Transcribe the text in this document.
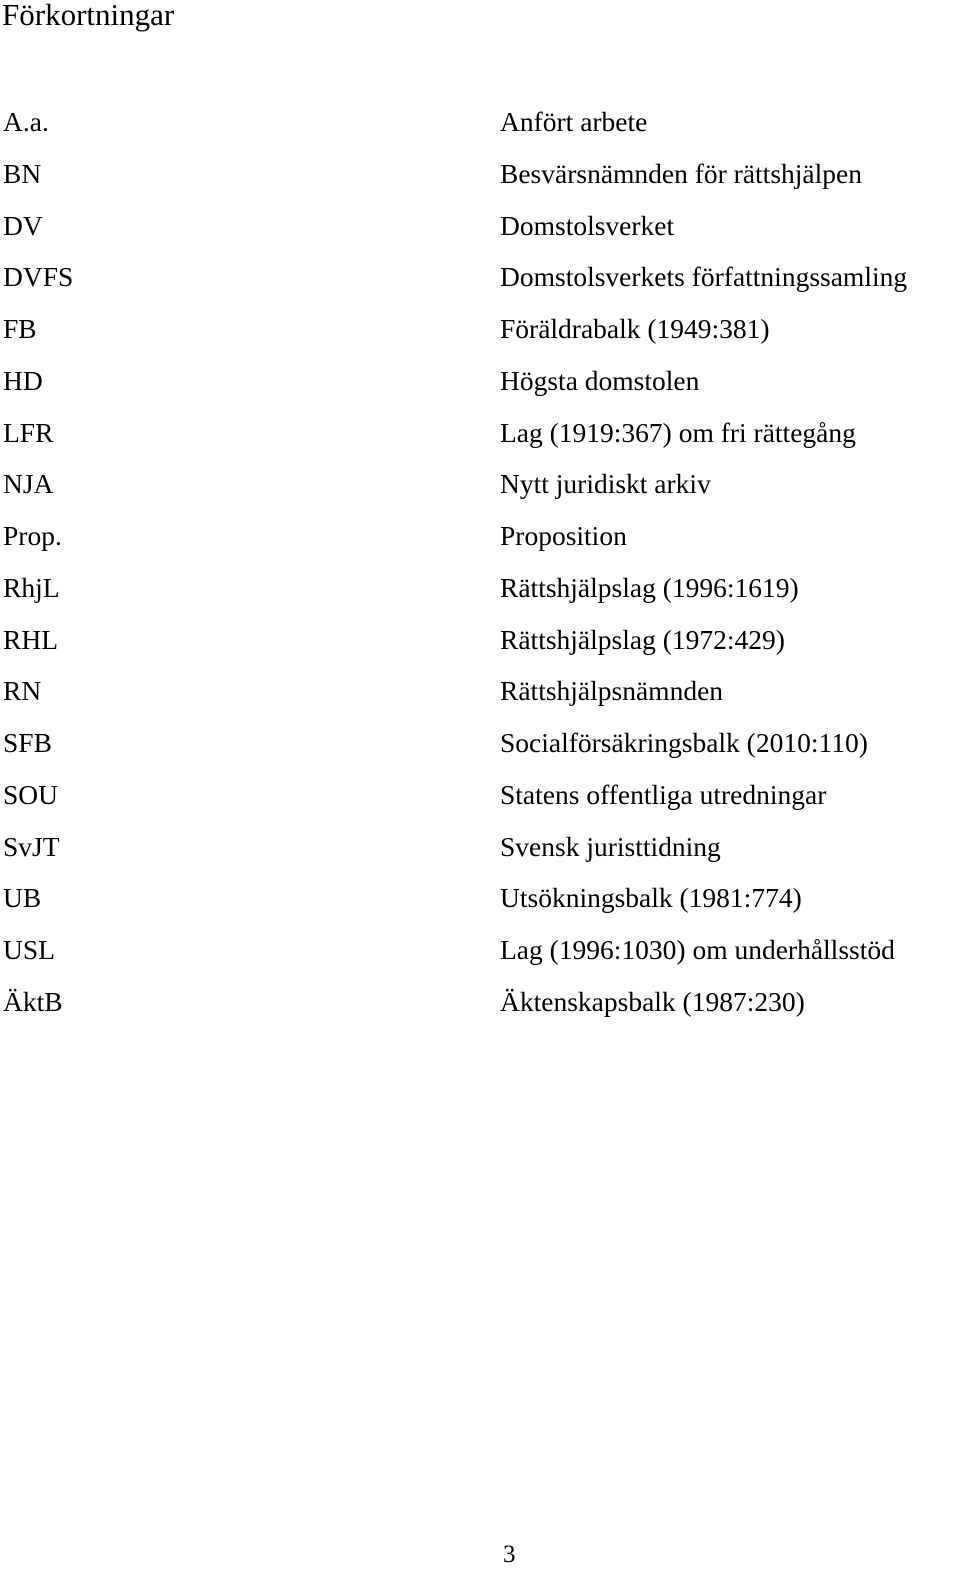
Förkortningar
A.a.	Anfört arbete
BN	Besvärsnämnden för rättshjälpen
DV	Domstolsverket
DVFS	Domstolsverkets författningssamling
FB	Föräldrabalk (1949:381)
HD	Högsta domstolen
LFR	Lag (1919:367) om fri rättegång
NJA	Nytt juridiskt arkiv
Prop.	Proposition
RhjL	Rättshjälpslag (1996:1619)
RHL	Rättshjälpslag (1972:429)
RN	Rättshjälpsnämnden
SFB	Socialförsäkringsbalk (2010:110)
SOU	Statens offentliga utredningar
SvJT	Svensk juristtidning
UB	Utsökningsbalk (1981:774)
USL	Lag (1996:1030) om underhållsstöd
ÄktB	Äktenskapsbalk (1987:230)
3
